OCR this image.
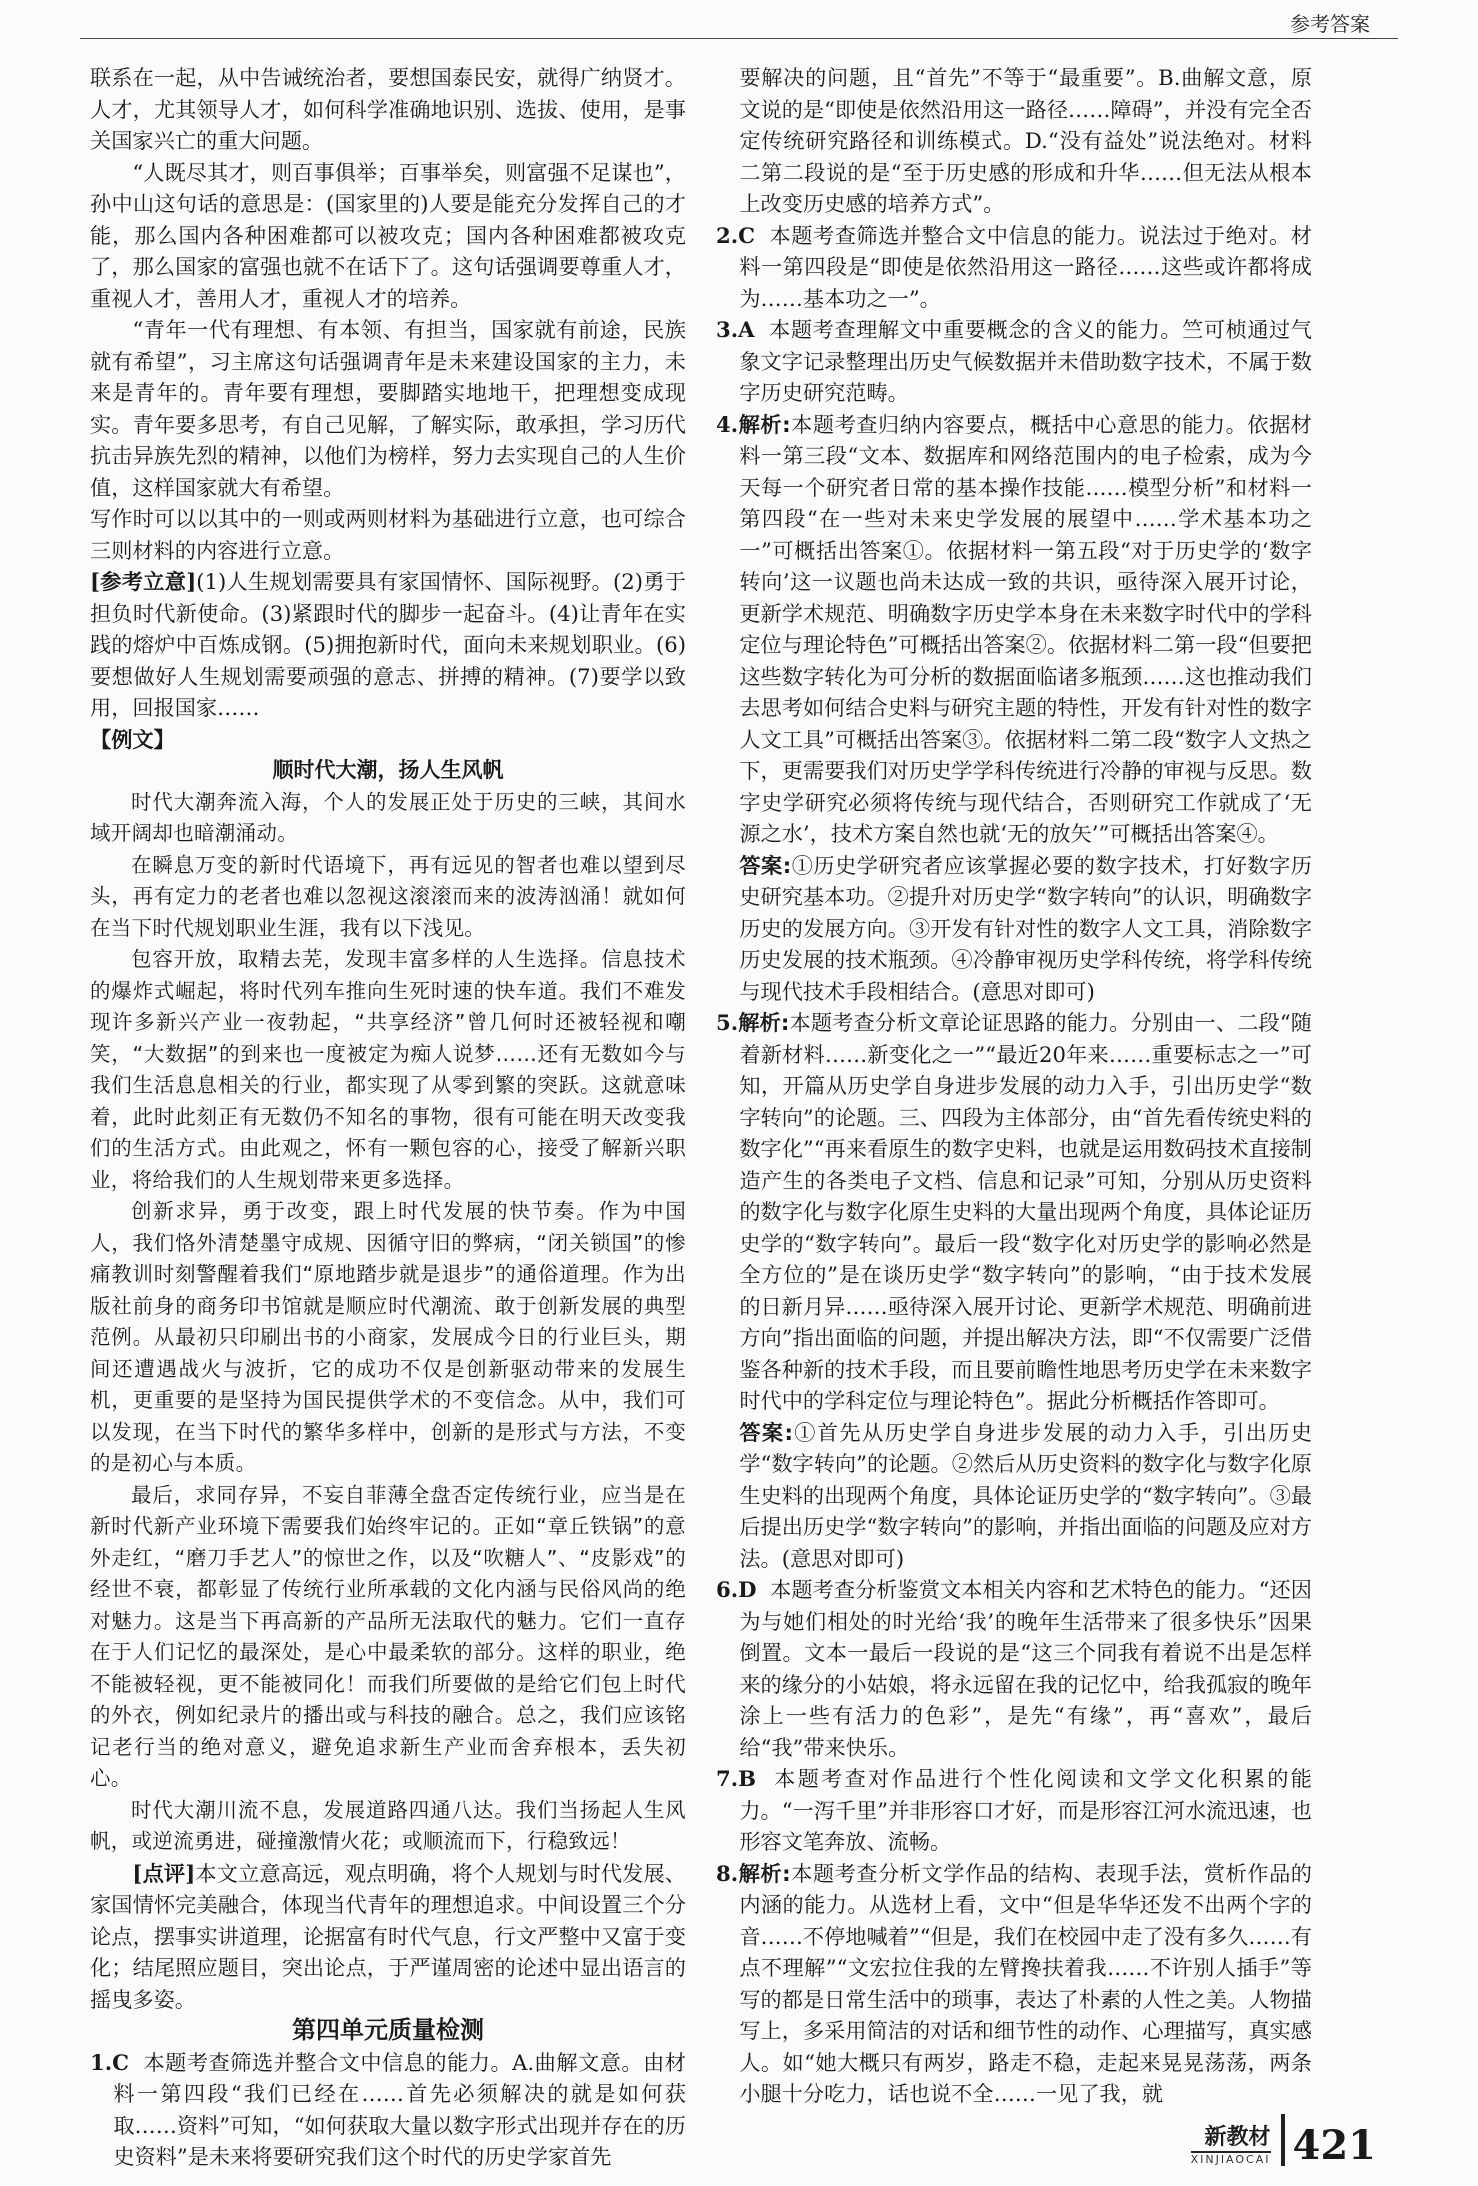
参考答案

联系在一起，从中告诫统治者，要想国泰民安，就得广纳贤才。人才，尤其领导人才，如何科学准确地识别、选拔、使用，是事关国家兴亡的重大问题。

“人既尽其才，则百事俱举；百事举矣，则富强不足谋也”，孙中山这句话的意思是：(国家里的)人要是能充分发挥自己的才能，那么国内各种困难都可以被攻克；国内各种困难都被攻克了，那么国家的富强也就不在话下了。这句话强调要尊重人才，重视人才，善用人才，重视人才的培养。

“青年一代有理想、有本领、有担当，国家就有前途，民族就有希望”，习主席这句话强调青年是未来建设国家的主力，未来是青年的。青年要有理想，要脚踏实地地干，把理想变成现实。青年要多思考，有自己见解，了解实际，敢承担，学习历代抗击异族先烈的精神，以他们为榜样，努力去实现自己的人生价值，这样国家就大有希望。

写作时可以以其中的一则或两则材料为基础进行立意，也可综合三则材料的内容进行立意。

[参考立意](1)人生规划需要具有家国情怀、国际视野。(2)勇于担负时代新使命。(3)紧跟时代的脚步一起奋斗。(4)让青年在实践的熔炉中百炼成钢。(5)拥抱新时代，面向未来规划职业。(6)要想做好人生规划需要顽强的意志、拼搏的精神。(7)要学以致用，回报国家……

【例文】

顺时代大潮，扬人生风帆

时代大潮奔流入海，个人的发展正处于历史的三峡，其间水域开阔却也暗潮涌动。

在瞬息万变的新时代语境下，再有远见的智者也难以望到尽头，再有定力的老者也难以忽视这滚滚而来的波涛汹涌！就如何在当下时代规划职业生涯，我有以下浅见。

包容开放，取精去芜，发现丰富多样的人生选择。信息技术的爆炸式崛起，将时代列车推向生死时速的快车道。我们不难发现许多新兴产业一夜勃起，“共享经济”曾几何时还被轻视和嘲笑，“大数据”的到来也一度被定为痴人说梦……还有无数如今与我们生活息息相关的行业，都实现了从零到繁的突跃。这就意味着，此时此刻正有无数仍不知名的事物，很有可能在明天改变我们的生活方式。由此观之，怀有一颗包容的心，接受了解新兴职业，将给我们的人生规划带来更多选择。

创新求异，勇于改变，跟上时代发展的快节奏。作为中国人，我们恪外清楚墨守成规、因循守旧的弊病，“闭关锁国”的惨痛教训时刻警醒着我们“原地踏步就是退步”的通俗道理。作为出版社前身的商务印书馆就是顺应时代潮流、敢于创新发展的典型范例。从最初只印刷出书的小商家，发展成今日的行业巨头，期间还遭遇战火与波折，它的成功不仅是创新驱动带来的发展生机，更重要的是坚持为国民提供学术的不变信念。从中，我们可以发现，在当下时代的繁华多样中，创新的是形式与方法，不变的是初心与本质。

最后，求同存异，不妄自菲薄全盘否定传统行业，应当是在新时代新产业环境下需要我们始终牢记的。正如“章丘铁锅”的意外走红，“磨刀手艺人”的惊世之作，以及“吹糖人”、“皮影戏”的经世不衰，都彰显了传统行业所承载的文化内涵与民俗风尚的绝对魅力。这是当下再高新的产品所无法取代的魅力。它们一直存在于人们记忆的最深处，是心中最柔软的部分。这样的职业，绝不能被轻视，更不能被同化！而我们所要做的是给它们包上时代的外衣，例如纪录片的播出或与科技的融合。总之，我们应该铭记老行当的绝对意义，避免追求新生产业而舍弃根本，丢失初心。

时代大潮川流不息，发展道路四通八达。我们当扬起人生风帆，或逆流勇进，碰撞激情火花；或顺流而下，行稳致远！

[点评]本文立意高远，观点明确，将个人规划与时代发展、家国情怀完美融合，体现当代青年的理想追求。中间设置三个分论点，摆事实讲道理，论据富有时代气息，行文严整中又富于变化；结尾照应题目，突出论点，于严谨周密的论述中显出语言的摇曳多姿。

第四单元质量检测

1.C 本题考查筛选并整合文中信息的能力。A.曲解文意。由材料一第四段“我们已经在……首先必须解决的就是如何获取……资料”可知，“如何获取大量以数字形式出现并存在的历史资料”是未来将要研究我们这个时代的历史学家首先

要解决的问题，且“首先”不等于“最重要”。B.曲解文意，原文说的是“即使是依然沿用这一路径……障碍”，并没有完全否定传统研究路径和训练模式。D.“没有益处”说法绝对。材料二第二段说的是“至于历史感的形成和升华……但无法从根本上改变历史感的培养方式”。

2.C 本题考查筛选并整合文中信息的能力。说法过于绝对。材料一第四段是“即使是依然沿用这一路径……这些或许都将成为……基本功之一”。

3.A 本题考查理解文中重要概念的含义的能力。竺可桢通过气象文字记录整理出历史气候数据并未借助数字技术，不属于数字历史研究范畴。

4.解析:本题考查归纳内容要点，概括中心意思的能力。依据材料一第三段“文本、数据库和网络范围内的电子检索，成为今天每一个研究者日常的基本操作技能……模型分析”和材料一第四段“在一些对未来史学发展的展望中……学术基本功之一”可概括出答案①。依据材料一第五段“对于历史学的‘数字转向’这一议题也尚未达成一致的共识，亟待深入展开讨论，更新学术规范、明确数字历史学本身在未来数字时代中的学科定位与理论特色”可概括出答案②。依据材料二第一段“但要把这些数字转化为可分析的数据面临诸多瓶颈……这也推动我们去思考如何结合史料与研究主题的特性，开发有针对性的数字人文工具”可概括出答案③。依据材料二第二段“数字人文热之下，更需要我们对历史学学科传统进行冷静的审视与反思。数字史学研究必须将传统与现代结合，否则研究工作就成了‘无源之水’，技术方案自然也就‘无的放矢’”可概括出答案④。

答案:①历史学研究者应该掌握必要的数字技术，打好数字历史研究基本功。②提升对历史学“数字转向”的认识，明确数字历史的发展方向。③开发有针对性的数字人文工具，消除数字历史发展的技术瓶颈。④冷静审视历史学科传统，将学科传统与现代技术手段相结合。(意思对即可)

5.解析:本题考查分析文章论证思路的能力。分别由一、二段“随着新材料……新变化之一”“最近20年来……重要标志之一”可知，开篇从历史学自身进步发展的动力入手，引出历史学“数字转向”的论题。三、四段为主体部分，由“首先看传统史料的数字化”“再来看原生的数字史料，也就是运用数码技术直接制造产生的各类电子文档、信息和记录”可知，分别从历史资料的数字化与数字化原生史料的大量出现两个角度，具体论证历史学的“数字转向”。最后一段“数字化对历史学的影响必然是全方位的”是在谈历史学“数字转向”的影响，“由于技术发展的日新月异……亟待深入展开讨论、更新学术规范、明确前进方向”指出面临的问题，并提出解决方法，即“不仅需要广泛借鉴各种新的技术手段，而且要前瞻性地思考历史学在未来数字时代中的学科定位与理论特色”。据此分析概括作答即可。

答案:①首先从历史学自身进步发展的动力入手，引出历史学“数字转向”的论题。②然后从历史资料的数字化与数字化原生史料的出现两个角度，具体论证历史学的“数字转向”。③最后提出历史学“数字转向”的影响，并指出面临的问题及应对方法。(意思对即可)

6.D 本题考查分析鉴赏文本相关内容和艺术特色的能力。“还因为与她们相处的时光给‘我’的晚年生活带来了很多快乐”因果倒置。文本一最后一段说的是“这三个同我有着说不出是怎样来的缘分的小姑娘，将永远留在我的记忆中，给我孤寂的晚年涂上一些有活力的色彩”，是先“有缘”，再“喜欢”，最后给“我”带来快乐。

7.B 本题考查对作品进行个性化阅读和文学文化积累的能力。“一泻千里”并非形容口才好，而是形容江河水流迅速，也形容文笔奔放、流畅。

8.解析:本题考查分析文学作品的结构、表现手法，赏析作品的内涵的能力。从选材上看，文中“但是华华还发不出两个字的音……不停地喊着”“但是，我们在校园中走了没有多久……有点不理解”“文宏拉住我的左臂搀扶着我……不许别人插手”等写的都是日常生活中的琐事，表达了朴素的人性之美。人物描写上，多采用简洁的对话和细节性的动作、心理描写，真实感人。如“她大概只有两岁，路走不稳，走起来晃晃荡荡，两条小腿十分吃力，话也说不全……一见了我，就

新教材
XINJIAOCAI 421
